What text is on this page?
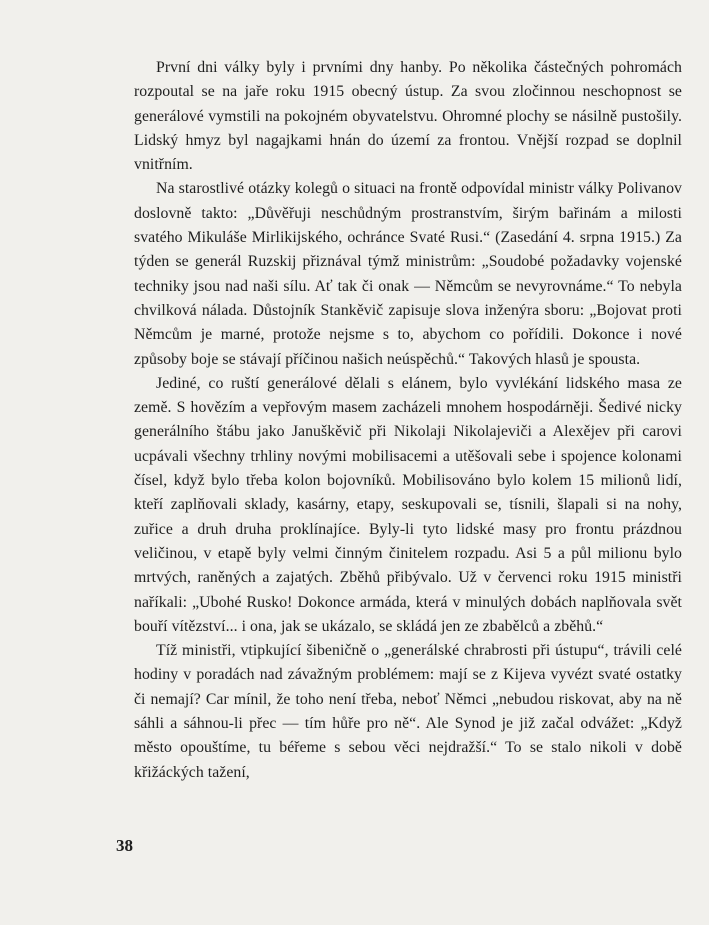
První dni války byly i prvními dny hanby. Po několika částečných pohromách rozpoutal se na jaře roku 1915 obecný ústup. Za svou zločinnou neschopnost se generálové vymstili na pokojném obyvatelstvu. Ohromné plochy se násilně pustošily. Lidský hmyz byl nagajkami hnán do území za frontou. Vnější rozpad se doplnil vnitřním.

Na starostlivé otázky kolegů o situaci na frontě odpovídal ministr války Polivanov doslovně takto: „Důvěřuji neschůdným prostranstvím, širým bařinám a milosti svatého Mikuláše Mirlikijského, ochránce Svaté Rusi.“ (Zasedání 4. srpna 1915.) Za týden se generál Ruzskij přiznával týmž ministrům: „Soudobé požadavky vojenské techniky jsou nad naši sílu. Ať tak či onak — Němcům se nevyrovnáme.“ To nebyla chvilková nálada. Důstojník Stankěvič zapisuje slova inženýra sboru: „Bojovat proti Němcům je marné, protože nejsme s to, abychom co pořídili. Dokonce i nové způsoby boje se stávají příčinou našich neúspěchů.“ Takových hlasů je spousta.

Jediné, co ruští generálové dělali s elánem, bylo vyvlékání lidského masa ze země. S hovězím a vepřovým masem zacházeli mnohem hospodárněji. Šedivé nicky generálního štábu jako Januškěvič při Nikolaji Nikolajeviči a Alexějev při carovi ucpávali všechny trhliny novými mobilisacemi a utěšovali sebe i spojence kolonami čísel, když bylo třeba kolon bojovníků. Mobilisováno bylo kolem 15 milionů lidí, kteří zaplňovali sklady, kasárny, etapy, seskupovali se, tísnili, šlapali si na nohy, zuřice a druh druha proklínajíce. Byly-li tyto lidské masy pro frontu prázdnou veličinou, v etapě byly velmi činným činitelem rozpadu. Asi 5 a půl milionu bylo mrtvých, raněných a zajatých. Zběhů přibývalo. Už v červenci roku 1915 ministři naříkali: „Ubohé Rusko! Dokonce armáda, která v minulých dobách naplňovala svět bouří vítězství... i ona, jak se ukázalo, se skládá jen ze zbabělců a zběhů.“

Tíž ministři, vtipkující šibeničně o „generálské chrabrosti při ústupu“, trávili celé hodiny v poradách nad závažným problémem: mají se z Kijeva vyvézt svaté ostatky či nemají? Car mínil, že toho není třeba, neboť Němci „nebudou riskovat, aby na ně sáhli a sáhnou-li přec — tím hůře pro ně“. Ale Synod je již začal odvážet: „Když město opouštíme, tu béřeme s sebou věci nejdražší.“ To se stalo nikoli v době křižáckých tažení,

38
